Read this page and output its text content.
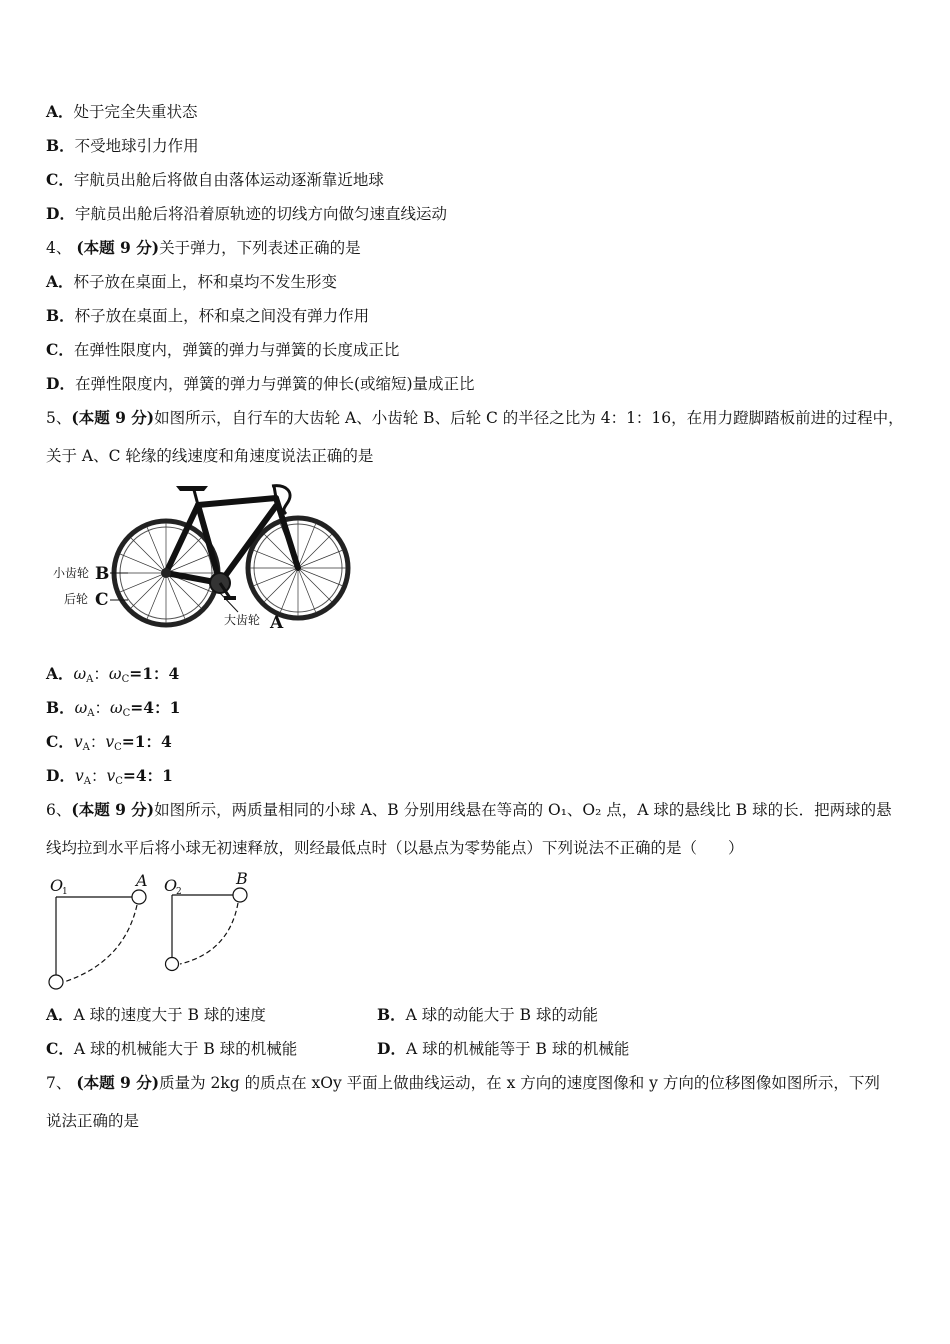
A．处于完全失重状态
B．不受地球引力作用
C．宇航员出舱后将做自由落体运动逐渐靠近地球
D．宇航员出舱后将沿着原轨迹的切线方向做匀速直线运动
4、 (本题 9 分)关于弹力，下列表述正确的是
A．杯子放在桌面上，杯和桌均不发生形变
B．杯子放在桌面上，杯和桌之间没有弹力作用
C．在弹性限度内，弹簧的弹力与弹簧的长度成正比
D．在弹性限度内，弹簧的弹力与弹簧的伸长(或缩短)量成正比
5、(本题 9 分)如图所示，自行车的大齿轮 A、小齿轮 B、后轮 C 的半径之比为 4：1：16，在用力蹬脚踏板前进的过程中，
关于 A、C 轮缘的线速度和角速度说法正确的是
小齿轮 B
后轮 C
大齿轮 A
A．$\omega_A$：$\omega_C=1$：4
B．$\omega_A$：$\omega_C=4$：1
C．$v_A$：$v_C=1$：4
D．$v_A$：$v_C=4$：1
6、(本题 9 分)如图所示，两质量相同的小球 A、B 分别用线悬在等高的 O₁、O₂ 点，A 球的悬线比 B 球的长．把两球的悬
线均拉到水平后将小球无初速释放，则经最低点时（以悬点为零势能点）下列说法不正确的是（　　）
O
1
A O
2
B
A．A 球的速度大于 B 球的速度	B．A 球的动能大于 B 球的动能
C．A 球的机械能大于 B 球的机械能	D．A 球的机械能等于 B 球的机械能
7、 (本题 9 分)质量为 2kg 的质点在 xOy 平面上做曲线运动，在 x 方向的速度图像和 y 方向的位移图像如图所示，下列
说法正确的是
